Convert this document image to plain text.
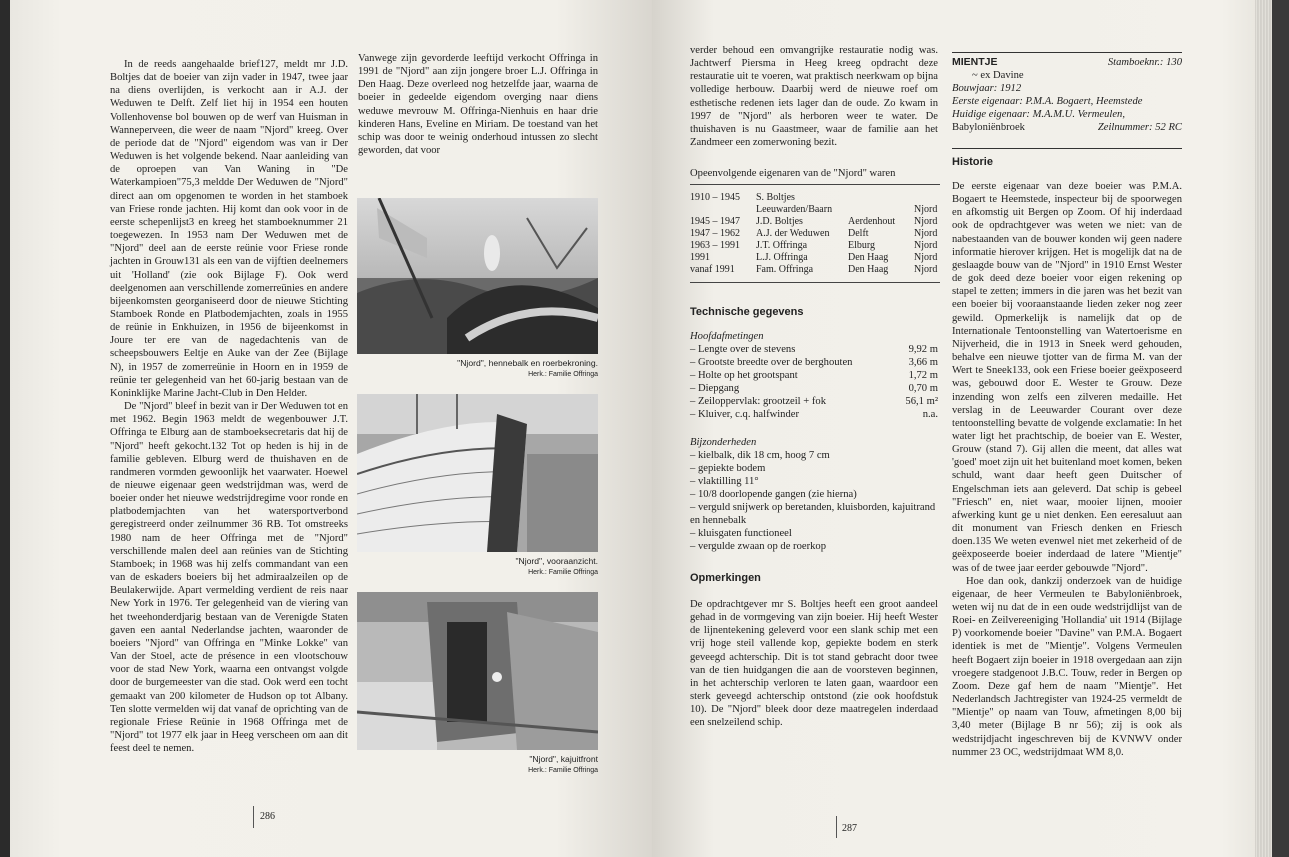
In de reeds aangehaalde brief127, meldt mr J.D. Boltjes dat de boeier van zijn vader in 1947, twee jaar na diens overlijden, is verkocht aan ir A.J. der Weduwen te Delft. Zelf liet hij in 1954 een houten Vollenhovense bol bouwen op de werf van Huisman in Wanneperveen, die weer de naam "Njord" kreeg. Over de periode dat de "Njord" eigendom was van ir Der Weduwen is het volgende bekend. Naar aanleiding van de oproepen van Van Waning in "De Waterkampioen"75,3 meldde Der Weduwen de "Njord" direct aan om opgenomen te worden in het stamboek van Friese ronde jachten. Hij komt dan ook voor in de eerste schepenlijst3 en kreeg het stamboeknummer 21 toegewezen. In 1953 nam Der Weduwen met de "Njord" deel aan de eerste reünie voor Friese ronde jachten in Grouw131 als een van de vijftien deelnemers uit 'Holland' (zie ook Bijlage F). Ook werd deelgenomen aan verschillende zomerreünies en andere bijeenkomsten georganiseerd door de nieuwe Stichting Stamboek Ronde en Platbodemjachten, zoals in 1955 de reünie in Enkhuizen, in 1956 de bijeenkomst in Joure ter ere van de nagedachtenis van de scheepsbouwers Eeltje en Auke van der Zee (Bijlage N), in 1957 de zomerreünie in Hoorn en in 1959 de reünie ter gelegenheid van het 60-jarig bestaan van de Koninklijke Marine Jacht-Club in Den Helder.

De "Njord" bleef in bezit van ir Der Weduwen tot en met 1962. Begin 1963 meldt de wegenbouwer J.T. Offringa te Elburg aan de stamboeksecretaris dat hij de "Njord" heeft gekocht.132 Tot op heden is hij in de familie gebleven. Elburg werd de thuishaven en de randmeren vormden gewoonlijk het vaarwater. Hoewel de nieuwe eigenaar geen wedstrijdman was, werd de boeier onder het nieuwe wedstrijdregime voor ronde en platbodemjachten van het watersportverbond geregistreerd onder zeilnummer 36 RB. Tot omstreeks 1980 nam de heer Offringa met de "Njord" verschillende malen deel aan reünies van de Stichting Stamboek; in 1968 was hij zelfs commandant van een van de eskaders boeiers bij het admiraalzeilen op de Beulakerwijde. Apart vermelding verdient de reis naar New York in 1976. Ter gelegenheid van de viering van het tweehonderdjarig bestaan van de Verenigde Staten gaven een aantal Nederlandse jachten, waaronder de boeiers "Njord" van Offringa en "Minke Lokke" van Van der Stoel, acte de présence in een vlootschouw voor de stad New York, waarna een ontvangst volgde door de burgemeester van die stad. Ook werd een tocht gemaakt van 200 kilometer de Hudson op tot Albany. Ten slotte vermelden wij dat vanaf de oprichting van de regionale Friese Reünie in 1968 Offringa met de "Njord" tot 1977 elk jaar in Heeg verscheen om aan dit feest deel te nemen.

Vanwege zijn gevorderde leeftijd verkocht Offringa in 1991 de "Njord" aan zijn jongere broer L.J. Offringa in Den Haag. Deze overleed nog hetzelfde jaar, waarna de boeier in gedeelde eigendom overging naar diens weduwe mevrouw M. Offringa-Nienhuis en haar drie kinderen Hans, Eveline en Miriam. De toestand van het schip was door te weinig onderhoud intussen zo slecht geworden, dat voor

"Njord", hennebalk en roerbekroning.
Herk.: Familie Offringa
"Njord", vooraanzicht.
Herk.: Familie Offringa
"Njord", kajuitfront
Herk.: Familie Offringa
286

verder behoud een omvangrijke restauratie nodig was. Jachtwerf Piersma in Heeg kreeg opdracht deze restauratie uit te voeren, wat praktisch neerkwam op bijna volledige herbouw. Daarbij werd de nieuwe roef om esthetische redenen iets lager dan de oude. Zo kwam in 1997 de "Njord" als herboren weer te water. De thuishaven is nu Gaastmeer, waar de familie aan het Zandmeer een zomerwoning bezit.

Opeenvolgende eigenaren van de "Njord" waren

1910 – 1945	S. Boltjes		
	Leeuwarden/Baarn		Njord
1945 – 1947	J.D. Boltjes	Aerdenhout	Njord
1947 – 1962	A.J. der Weduwen	Delft	Njord
1963 – 1991	J.T. Offringa	Elburg	Njord
1991	L.J. Offringa	Den Haag	Njord
vanaf 1991	Fam. Offringa	Den Haag	Njord
Technische gegevens
Hoofdafmetingen
– Lengte over de stevens	9,92 m
– Grootste breedte over de berghouten	3,66 m
– Holte op het grootspant	1,72 m
– Diepgang	0,70 m
– Zeiloppervlak: grootzeil + fok	56,1 m²
– Kluiver, c.q. halfwinder	n.a.
Bijzonderheden
– kielbalk, dik 18 cm, hoog 7 cm
– gepiekte bodem
– vlaktilling 11°
– 10/8 doorlopende gangen (zie hierna)
– verguld snijwerk op beretanden, kluisborden, kajuitrand en hennebalk
– kluisgaten functioneel
– vergulde zwaan op de roerkop
Opmerkingen

De opdrachtgever mr S. Boltjes heeft een groot aandeel gehad in de vormgeving van zijn boeier. Hij heeft Wester de lijnentekening geleverd voor een slank schip met een vrij hoge steil vallende kop, gepiekte bodem en sterk geveegd achterschip. Dit is tot stand gebracht door twee van de tien huidgangen die aan de voorsteven beginnen, in het achterschip verloren te laten gaan, waardoor een sterk geveegd achterschip ontstond (zie ook hoofdstuk 10). De "Njord" bleek door deze maatregelen inderdaad een snelzeilend schip.

MIENTJE	Stamboeknr.: 130
~ ex Davine
Bouwjaar: 1912
Eerste eigenaar: P.M.A. Bogaert, Heemstede
Huidige eigenaar: M.A.M.U. Vermeulen,
Babyloniënbroek	Zeilnummer: 52 RC
Historie

De eerste eigenaar van deze boeier was P.M.A. Bogaert te Heemstede, inspecteur bij de spoorwegen en afkomstig uit Bergen op Zoom. Of hij inderdaad ook de opdrachtgever was weten we niet: van de nabestaanden van de bouwer konden wij geen nadere informatie hierover krijgen. Het is mogelijk dat na de geslaagde bouw van de "Njord" in 1910 Ernst Wester de gok deed deze boeier voor eigen rekening op stapel te zetten; immers in die jaren was het bezit van een boeier bij vooraanstaande lieden zeker nog zeer gewild. Opmerkelijk is namelijk dat op de Internationale Tentoonstelling van Watertoerisme en Nijverheid, die in 1913 in Sneek werd gehouden, behalve een nieuwe tjotter van de firma M. van der Wert te Sneek133, ook een Friese boeier geëxposeerd was, gebouwd door E. Wester te Grouw. Deze inzending won zelfs een zilveren medaille. Het verslag in de Leeuwarder Courant over deze tentoonstelling bevatte de volgende exclamatie: In het water ligt het prachtschip, de boeier van E. Wester, Grouw (stand 7). Gij allen die meent, dat alles wat 'goed' moet zijn uit het buitenland moet komen, beken schuld, want daar heeft geen Duitscher of Engelschman iets aan geleverd. Dat schip is gebeel "Friesch" en, niet waar, mooier lijnen, mooier afwerking kunt ge u niet denken. Een eeresaluut aan dit monument van Friesch denken en Friesch doen.135 We weten evenwel niet met zekerheid of de geëxposeerde boeier inderdaad de latere "Mientje" was of de twee jaar eerder gebouwde "Njord".

Hoe dan ook, dankzij onderzoek van de huidige eigenaar, de heer Vermeulen te Babyloniënbroek, weten wij nu dat de in een oude wedstrijdlijst van de Roei- en Zeilvereeniging 'Hollandia' uit 1914 (Bijlage P) voorkomende boeier "Davine" van P.M.A. Bogaert identiek is met de "Mientje". Volgens Vermeulen heeft Bogaert zijn boeier in 1918 overgedaan aan zijn vroegere stadgenoot J.B.C. Touw, reder in Bergen op Zoom. Deze gaf hem de naam "Mientje". Het Nederlandsch Jachtregister van 1924-25 vermeldt de "Mientje" op naam van Touw, afmetingen 8,00 bij 3,40 meter (Bijlage B nr 56); zij is ook als wedstrijdjacht ingeschreven bij de KVNWV onder nummer 23 OC, wedstrijdmaat WM 8,0.

287
